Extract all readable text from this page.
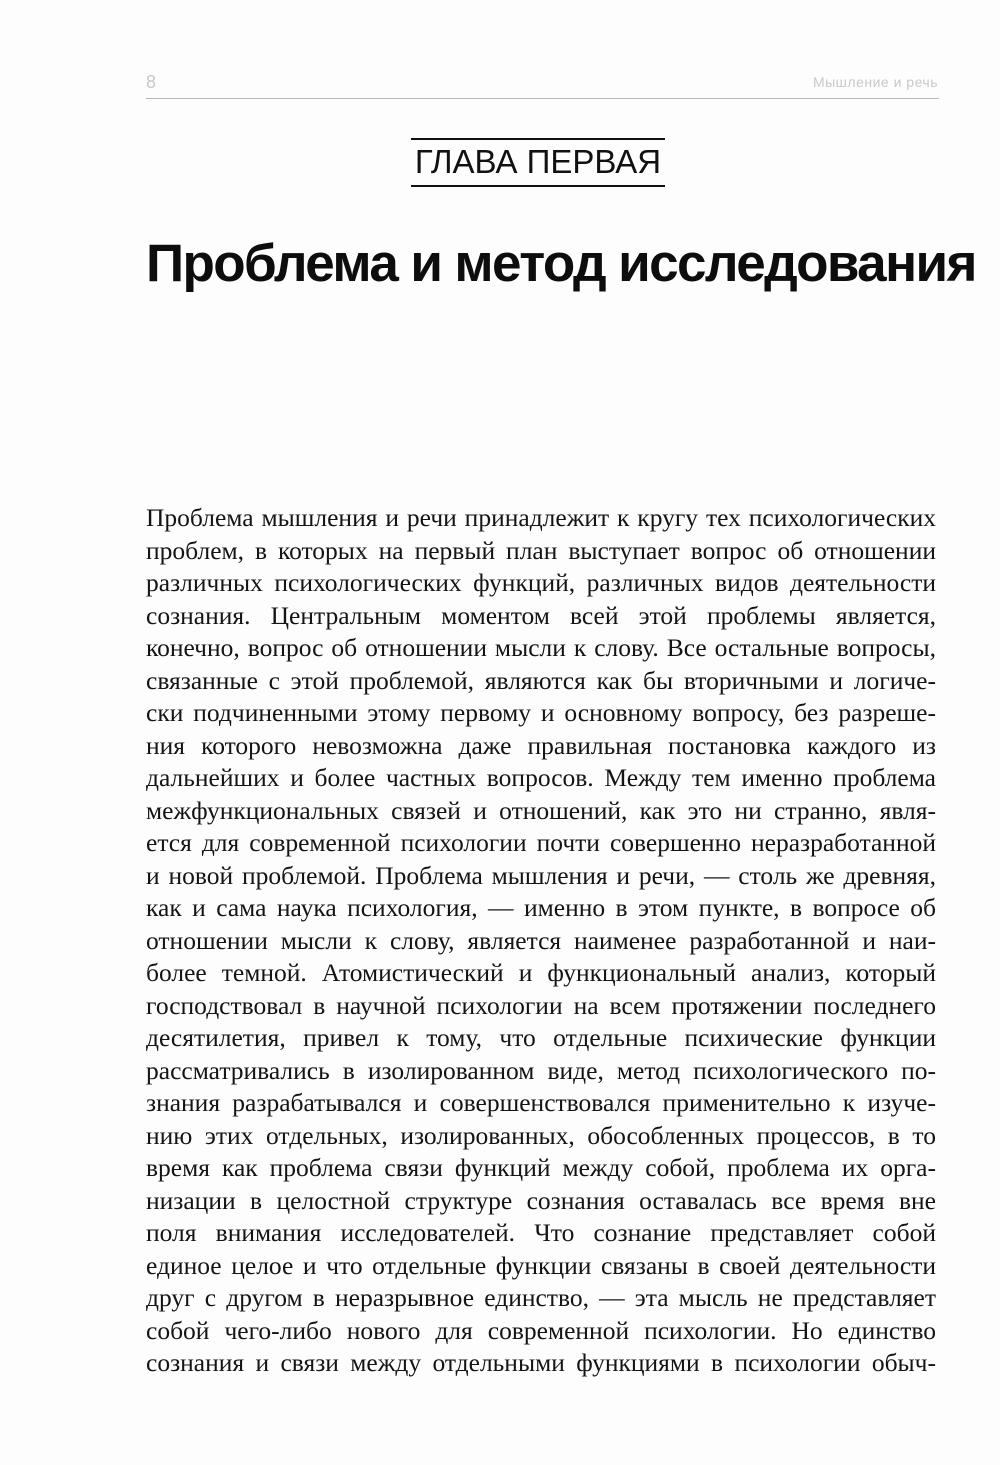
8	Мышление и речь
ГЛАВА ПЕРВАЯ
Проблема и метод исследования
Проблема мышления и речи принадлежит к кругу тех психологических
проблем, в которых на первый план выступает вопрос об отношении
различных психологических функций, различных видов деятельности
сознания. Центральным моментом всей этой проблемы является,
конечно, вопрос об отношении мысли к слову. Все остальные вопросы,
связанные с этой проблемой, являются как бы вторичными и логиче-
ски подчиненными этому первому и основному вопросу, без разреше-
ния которого невозможна даже правильная постановка каждого из
дальнейших и более частных вопросов. Между тем именно проблема
межфункциональных связей и отношений, как это ни странно, явля-
ется для современной психологии почти совершенно неразработанной
и новой проблемой. Проблема мышления и речи, — столь же древняя,
как и сама наука психология, — именно в этом пункте, в вопросе об
отношении мысли к слову, является наименее разработанной и наи-
более темной. Атомистический и функциональный анализ, который
господствовал в научной психологии на всем протяжении последнего
десятилетия, привел к тому, что отдельные психические функции
рассматривались в изолированном виде, метод психологического по-
знания разрабатывался и совершенствовался применительно к изуче-
нию этих отдельных, изолированных, обособленных процессов, в то
время как проблема связи функций между собой, проблема их орга-
низации в целостной структуре сознания оставалась все время вне
поля внимания исследователей. Что сознание представляет собой
единое целое и что отдельные функции связаны в своей деятельности
друг с другом в неразрывное единство, — эта мысль не представляет
собой чего-либо нового для современной психологии. Но единство
сознания и связи между отдельными функциями в психологии обыч-
